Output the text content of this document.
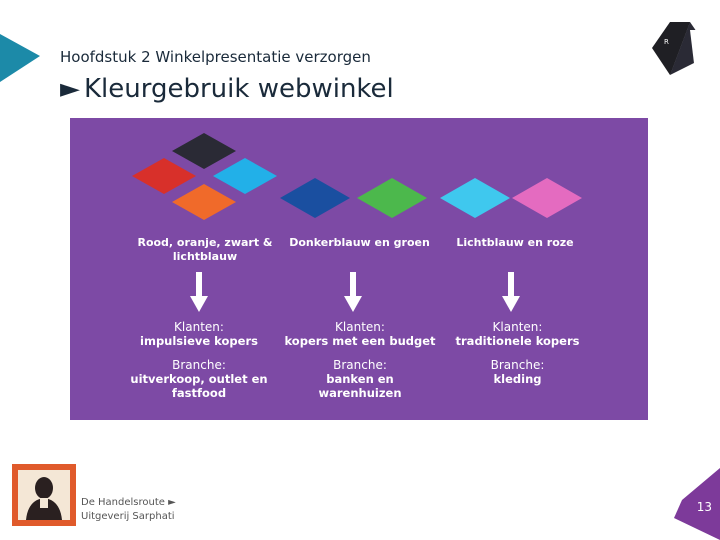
R
1
Hoofdstuk 2 Winkelpresentatie verzorgen
► Kleurgebruik webwinkel
Rood, oranje, zwart & lichtblauw
Klanten:
impulsieve kopers
Branche:
uitverkoop, outlet en fastfood
Donkerblauw en groen
Klanten:
kopers met een budget
Branche:
banken en warenhuizen
Lichtblauw en roze
Klanten:
traditionele kopers
Branche:
kleding
De Handelsroute ►
Uitgeverij Sarphati
13
